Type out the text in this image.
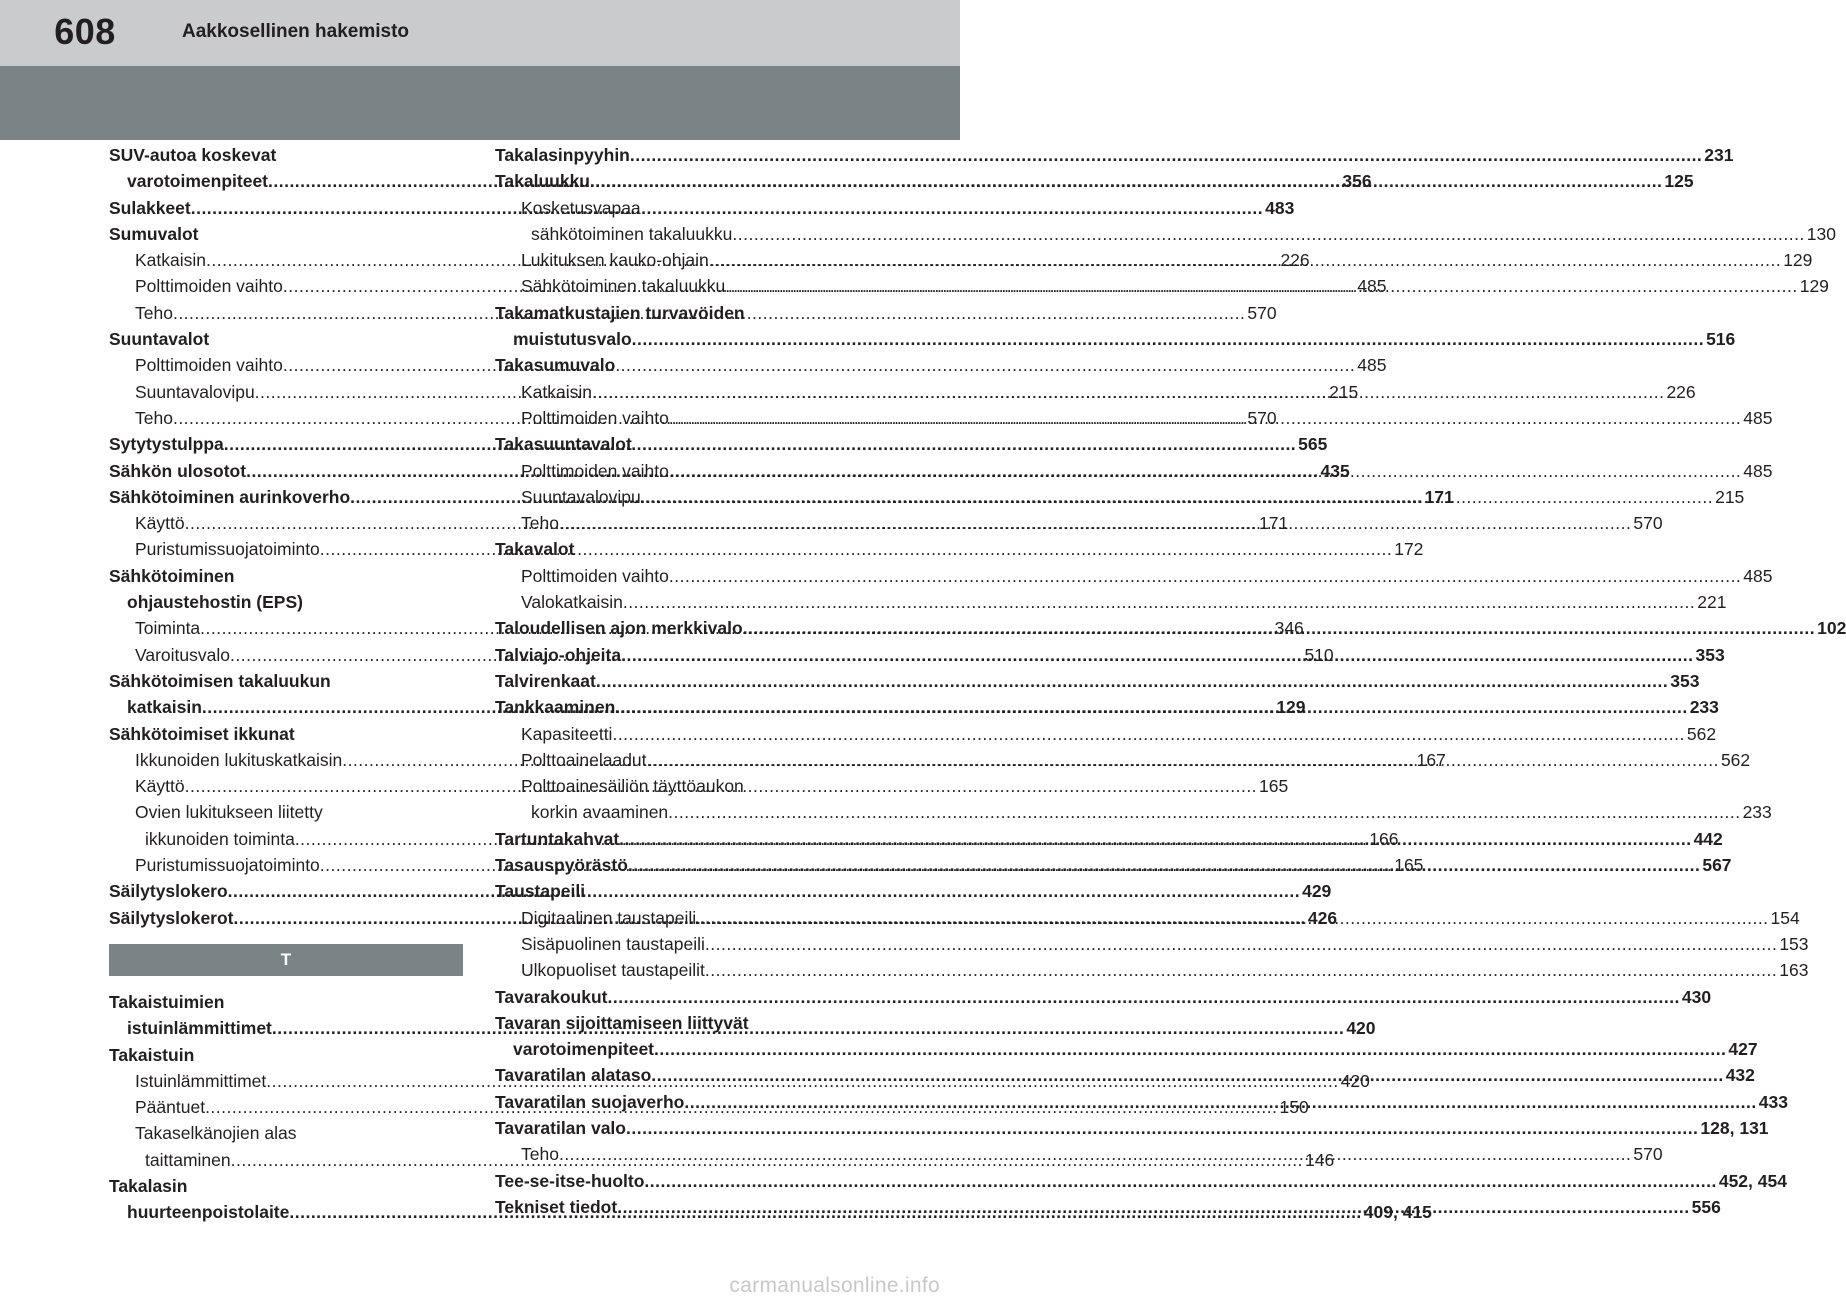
608	Aakkosellinen hakemisto
SUV-autoa koskevat
varotoimenpiteet .....	356
Sulakkeet .....	483
Sumuvalot
Katkaisin .....	226
Polttimoiden vaihto .....	485
Teho .....	570
Suuntavalot
Polttimoiden vaihto .....	485
Suuntavalovipu .....	215
Teho .....	570
Sytytystulppa .....	565
Sähkön ulosotot .....	435
Sähkötoiminen aurinkoverho .....	171
Käyttö .....	171
Puristumissuojatoiminto .....	172
Sähkötoiminen
ohjaustehostin (EPS)
Toiminta .....	346
Varoitusvalo .....	510
Sähkötoimisen takaluukun
katkaisin .....	129
Sähkötoimiset ikkunat
Ikkunoiden lukituskatkaisin .....	167
Käyttö .....	165
Ovien lukitukseen liitetty
ikkunoiden toiminta .....	166
Puristumissuojatoiminto .....	165
Säilytyslokero .....	429
Säilytyslokerot .....	426
T
Takaistuimien
istuinlämmittimet .....	420
Takaistuin
Istuinlämmittimet .....	420
Pääntuet .....	150
Takaselkänojien alas
taittaminen .....	146
Takalasin
huurteenpoistolaite .....	409, 415
Takalasinpyyhin .....	231
Takaluukku .....	125
Kosketusvapaa
sähkötoiminen takaluukku .....	130
Lukituksen kauko-ohjain .....	129
Sähkötoiminen takaluukku .....	129
Takamatkustajien turvavöiden
muistutusvalo .....	516
Takasumuvalo
Katkaisin .....	226
Polttimoiden vaihto .....	485
Takasuuntavalot
Polttimoiden vaihto .....	485
Suuntavalovipu .....	215
Teho .....	570
Takavalot
Polttimoiden vaihto .....	485
Valokatkaisin .....	221
Taloudellisen ajon merkkivalo .....	102
Talviajo-ohjeita .....	353
Talvirenkaat .....	353
Tankkaaminen .....	233
Kapasiteetti .....	562
Polttoainelaadut .....	562
Polttoainesäiliön täyttöaukon
korkin avaaminen .....	233
Tartuntakahvat .....	442
Tasauspyörästö .....	567
Taustapeili
Digitaalinen taustapeili .....	154
Sisäpuolinen taustapeili .....	153
Ulkopuoliset taustapeilit .....	163
Tavarakoukut .....	430
Tavaran sijoittamiseen liittyvät
varotoimenpiteet .....	427
Tavaratilan alataso .....	432
Tavaratilan suojaverho .....	433
Tavaratilan valo .....	128, 131
Teho .....	570
Tee-se-itse-huolto .....	452, 454
Tekniset tiedot .....	556
carmanualsonline.info
